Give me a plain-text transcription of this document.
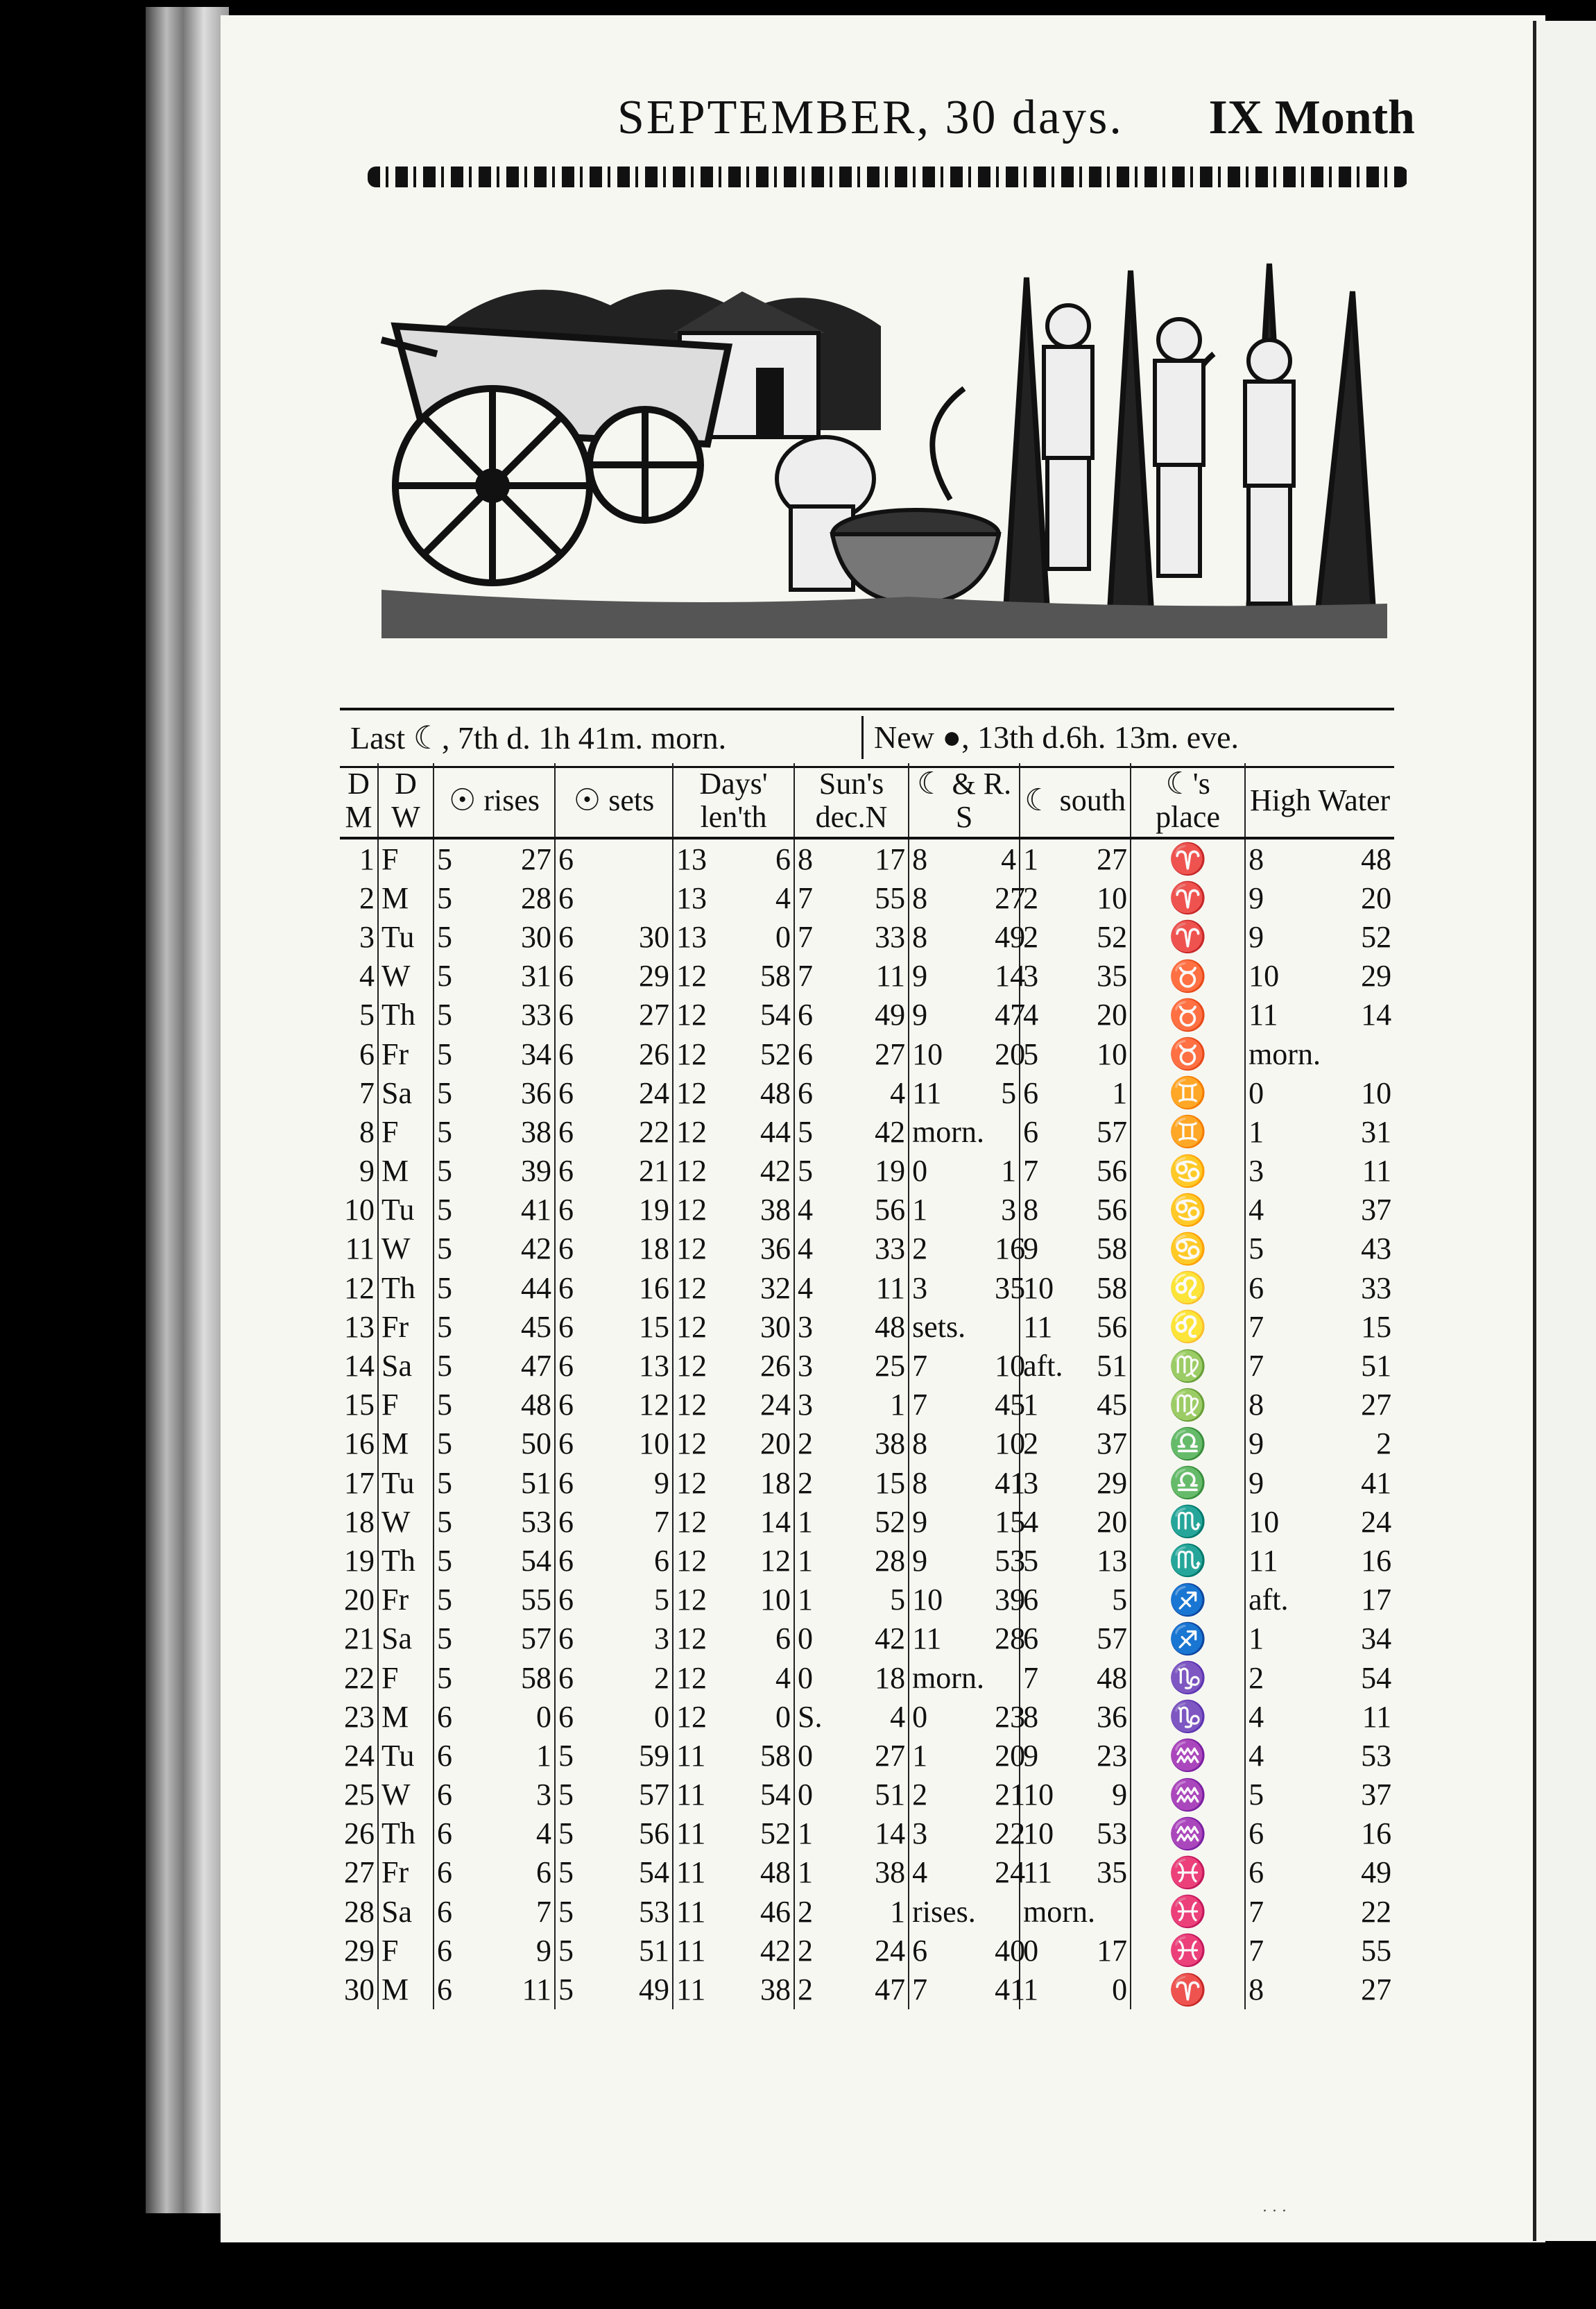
SEPTEMBER, 30 days. IX Month
Last ☾, 7th d. 1h 41m. morn.	New ●, 13th d.6h. 13m. eve.
D M	D W	☉ rises		☉ sets		Days' len'th		Sun's dec.N		☾ & R. S		☾ south		☾'s place	High Water	
1	F	5	27	6		13	6	8	17	8	4	1	27	♈	8	48
2	M	5	28	6		13	4	7	55	8	27	2	10	♈	9	20
3	Tu	5	30	6	30	13	0	7	33	8	49	2	52	♈	9	52
4	W	5	31	6	29	12	58	7	11	9	14	3	35	♉	10	29
5	Th	5	33	6	27	12	54	6	49	9	47	4	20	♉	11	14
6	Fr	5	34	6	26	12	52	6	27	10	20	5	10	♉	morn.	
7	Sa	5	36	6	24	12	48	6	4	11	5	6	1	♊	0	10
8	F	5	38	6	22	12	44	5	42	morn.		6	57	♊	1	31
9	M	5	39	6	21	12	42	5	19	0	1	7	56	♋	3	11
10	Tu	5	41	6	19	12	38	4	56	1	3	8	56	♋	4	37
11	W	5	42	6	18	12	36	4	33	2	16	9	58	♋	5	43
12	Th	5	44	6	16	12	32	4	11	3	35	10	58	♌	6	33
13	Fr	5	45	6	15	12	30	3	48	sets.		11	56	♌	7	15
14	Sa	5	47	6	13	12	26	3	25	7	10	aft.	51	♍	7	51
15	F	5	48	6	12	12	24	3	1	7	45	1	45	♍	8	27
16	M	5	50	6	10	12	20	2	38	8	10	2	37	♎	9	2
17	Tu	5	51	6	9	12	18	2	15	8	41	3	29	♎	9	41
18	W	5	53	6	7	12	14	1	52	9	15	4	20	♏	10	24
19	Th	5	54	6	6	12	12	1	28	9	53	5	13	♏	11	16
20	Fr	5	55	6	5	12	10	1	5	10	39	6	5	♐	aft.	17
21	Sa	5	57	6	3	12	6	0	42	11	28	6	57	♐	1	34
22	F	5	58	6	2	12	4	0	18	morn.		7	48	♑	2	54
23	M	6	0	6	0	12	0	S.	4	0	23	8	36	♑	4	11
24	Tu	6	1	5	59	11	58	0	27	1	20	9	23	♒	4	53
25	W	6	3	5	57	11	54	0	51	2	21	10	9	♒	5	37
26	Th	6	4	5	56	11	52	1	14	3	22	10	53	♒	6	16
27	Fr	6	6	5	54	11	48	1	38	4	24	11	35	♓	6	49
28	Sa	6	7	5	53	11	46	2	1	rises.		morn.		♓	7	22
29	F	6	9	5	51	11	42	2	24	6	40	0	17	♓	7	55
30	M	6	11	5	49	11	38	2	47	7	41	1	0	♈	8	27
· · ·
